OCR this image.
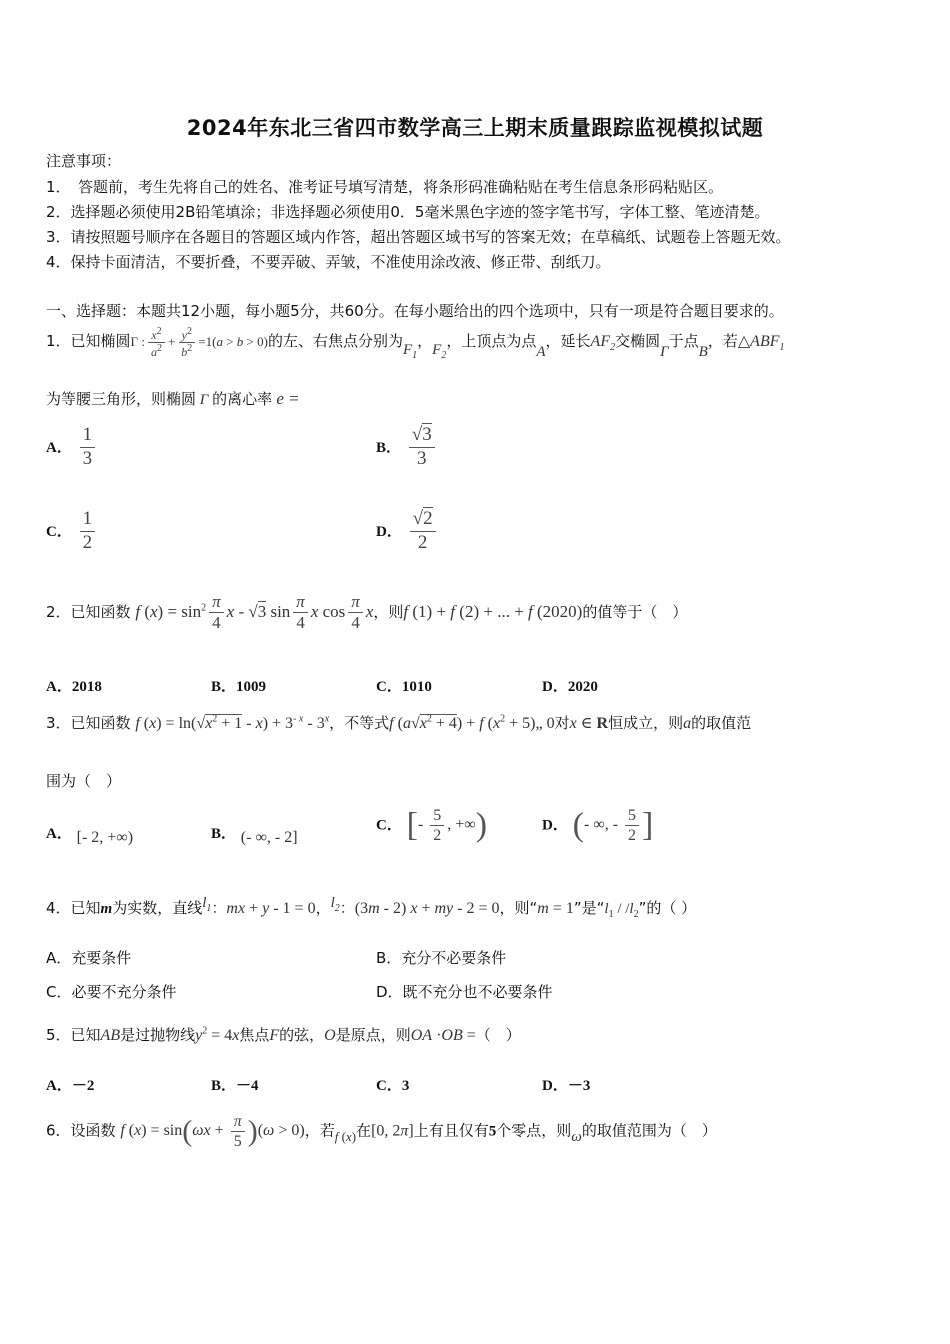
2024年东北三省四市数学高三上期末质量跟踪监视模拟试题
注意事项：
1．　答题前，考生先将自己的姓名、准考证号填写清楚，将条形码准确粘贴在考生信息条形码粘贴区。
2．选择题必须使用2B铅笔填涂；非选择题必须使用0．5毫米黑色字迹的签字笔书写，字体工整、笔迹清楚。
3．请按照题号顺序在各题目的答题区域内作答，超出答题区域书写的答案无效；在草稿纸、试题卷上答题无效。
4．保持卡面清洁，不要折叠，不要弄破、弄皱，不准使用涂改液、修正带、刮纸刀。
一、选择题：本题共12小题，每小题5分，共60分。在每小题给出的四个选项中，只有一项是符合题目要求的。
1．已知椭圆Γ : $\frac{x^2}{a^2} + \frac{y^2}{b^2} =1(a > b > 0)$的左、右焦点分别为$F_1$，$F_2$，上顶点为点A，延长$AF_2$交椭圆Γ于点B，若$\triangle ABF_1$
为等腰三角形，则椭圆 Γ 的离心率 e =
A． $\frac{1}{3}$	B． $\frac{√3}{3}$
C． $\frac{1}{2}$	D． $\frac{√2}{2}$
2．已知函数 f $(x) = \sin^2 \frac{\pi}{4}$ x - √3 $\sin \frac{\pi}{4}$ x $\cos \frac{\pi}{4}$ x，则f (1) + f (2) + ... + f (2020)的值等于（　）
A．2018	B．1009	C．1010	D．2020
3．已知函数 f $(x) = \ln(√x^2 + 1 - x) + 3^{- x} - 3^x$，不等式f $(a√x^2 + 4) + f$ ($x^2$ + 5)„ 0对x ∈ R恒成立，则a的取值范
围为（　）
A． [- 2, +∞)	B． (- ∞, - 2]
C． [- $\frac{5}{2}$ , +∞)	D． (- ∞, - $\frac{5}{2}$ ]
4．已知m为实数，直线$l_1$：mx + y - 1 = 0，$l_2$：(3m - 2) x + my - 2 = 0，则“m = 1”是“$l_1 / /l_2$”的（ ）
A．充要条件	B．充分不必要条件
C．必要不充分条件	D．既不充分也不必要条件
5．已知AB是过抛物线$y^2 = 4x$焦点F的弦，O是原点，则OA ·OB =（　）
A．－2	B．－4	C．3	D．－3
6．设函数 f $(x) = \sin(\omega x + \frac{\pi}{5} )(\omega > 0)$，若f (x)在[0, 2π]上有且仅有5个零点，则ω的取值范围为（　）
